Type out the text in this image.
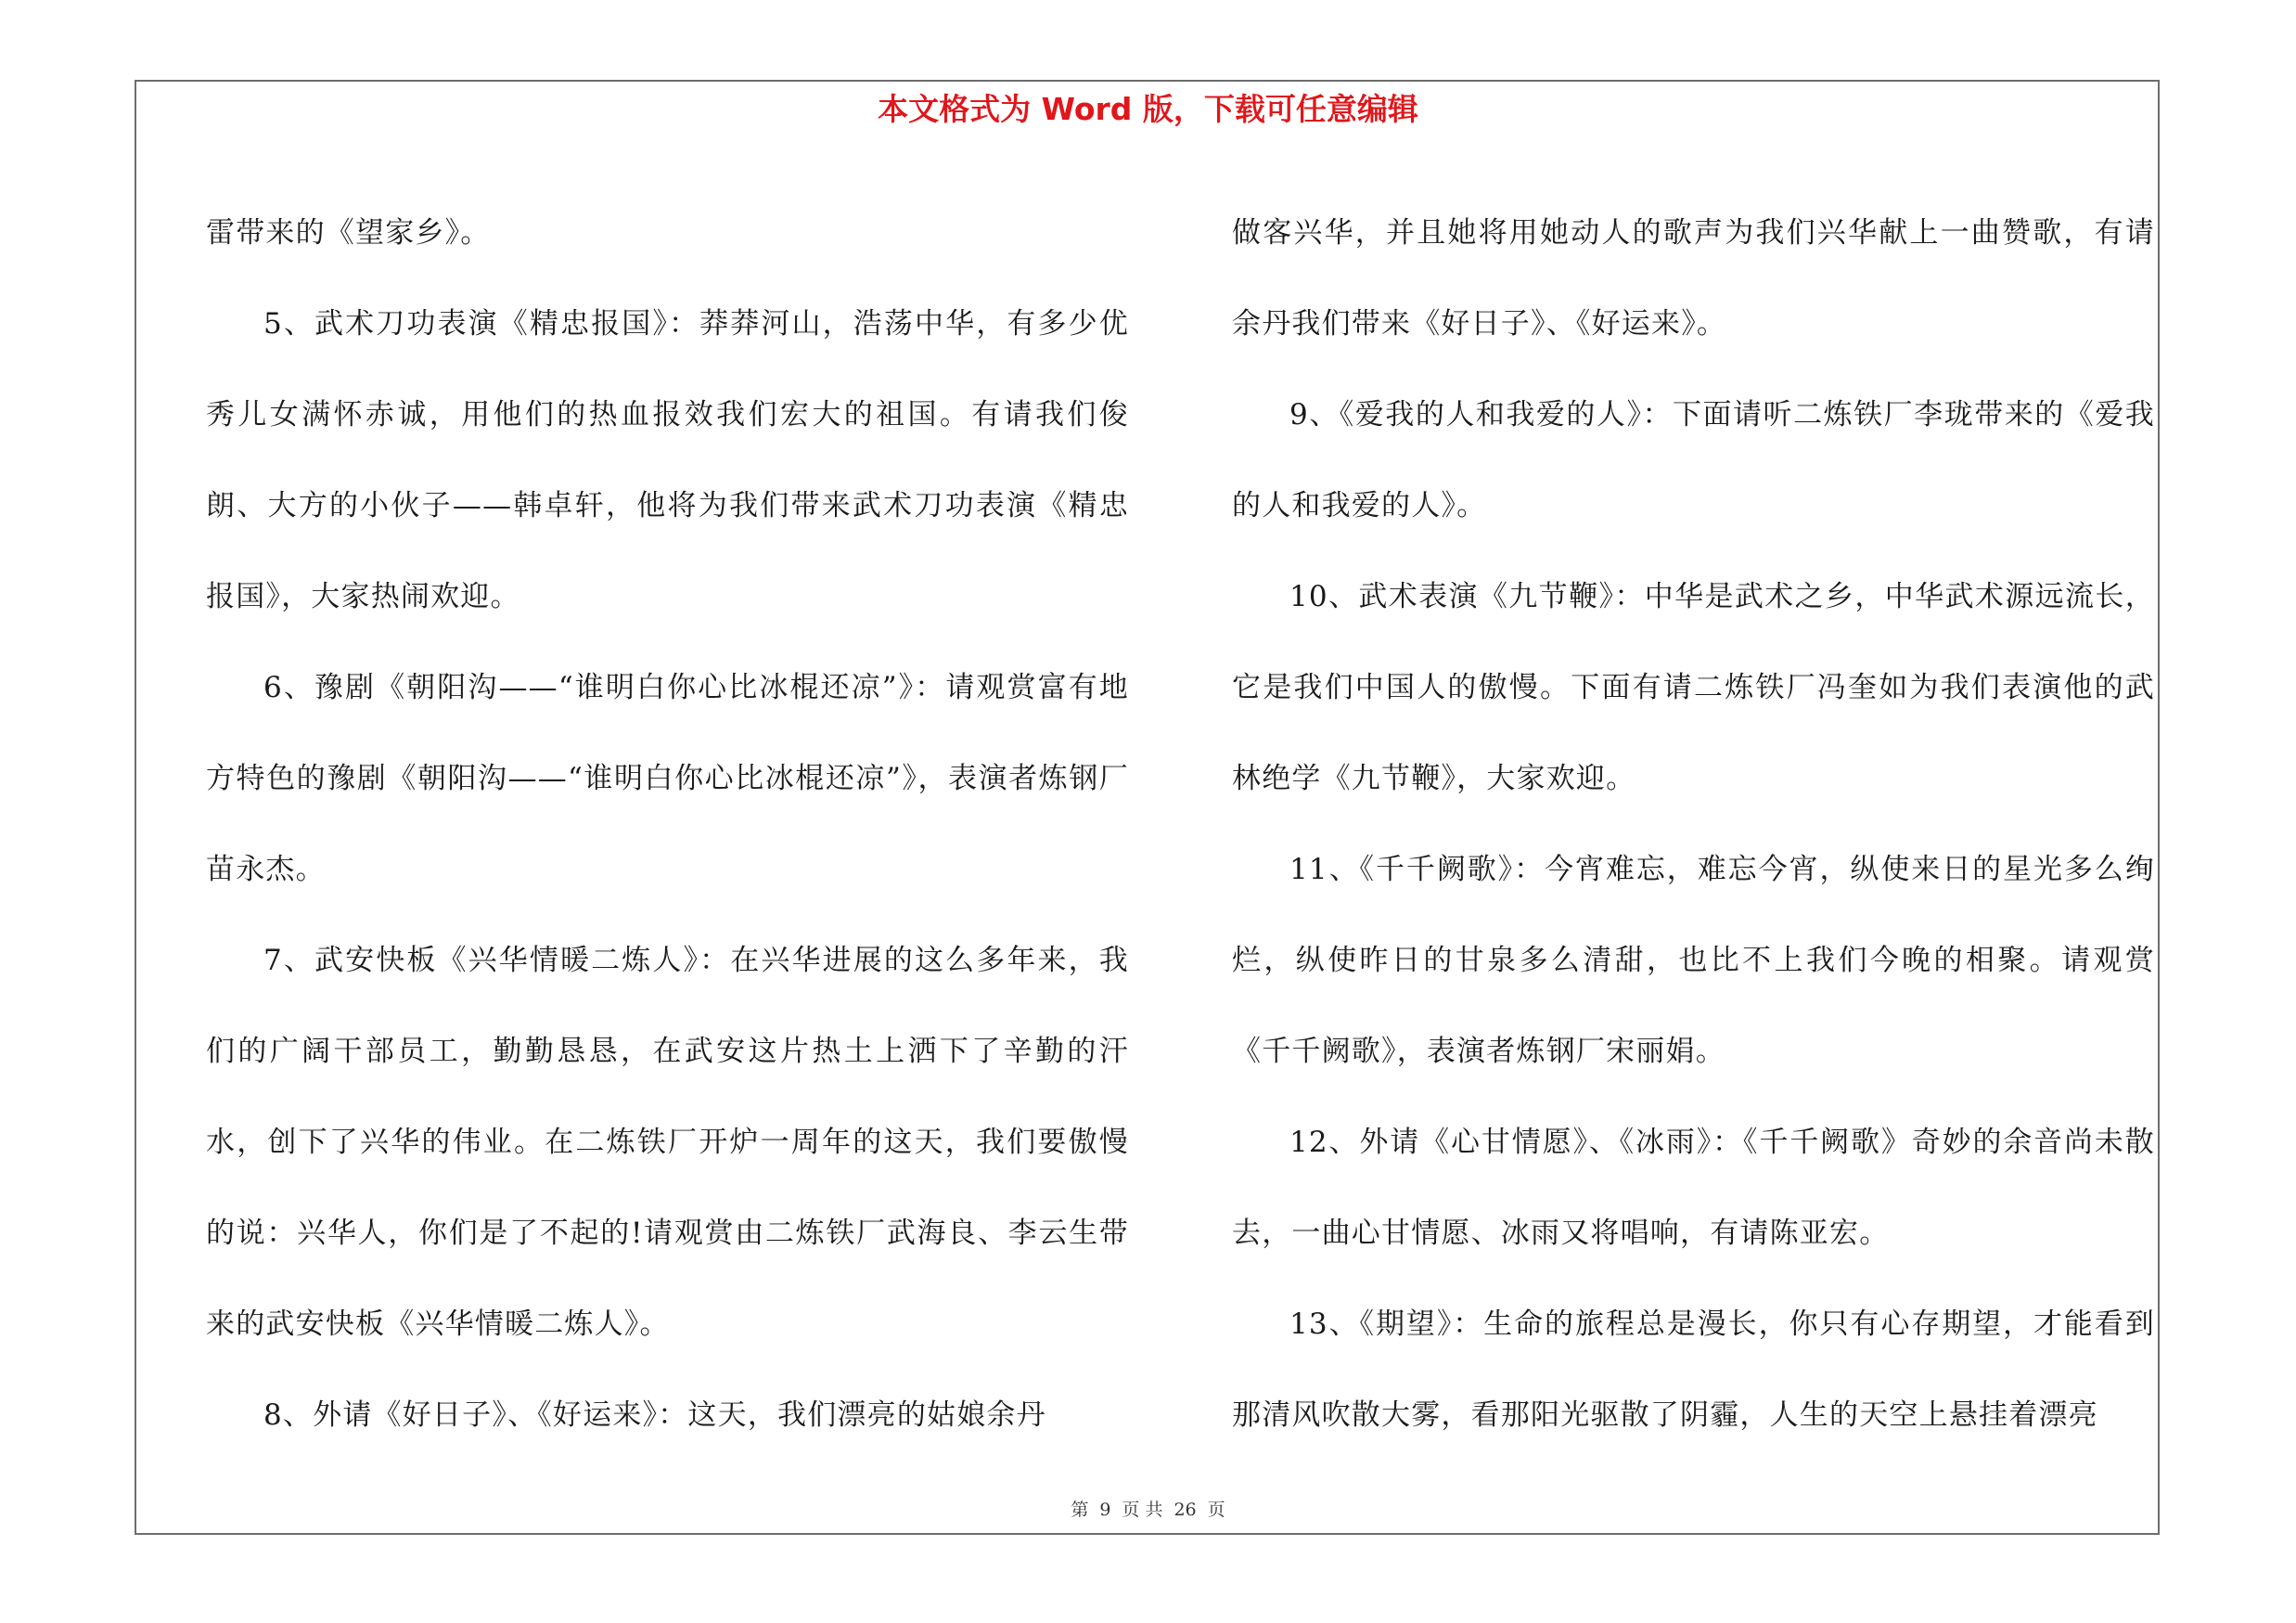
本文格式为 Word 版，下载可任意编辑

雷带来的《望家乡》。

5、武术刀功表演《精忠报国》：莽莽河山，浩荡中华，有多少优秀儿女满怀赤诚，用他们的热血报效我们宏大的祖国。有请我们俊朗、大方的小伙子——韩卓轩，他将为我们带来武术刀功表演《精忠报国》，大家热闹欢迎。

6、豫剧《朝阳沟——“谁明白你心比冰棍还凉”》：请观赏富有地方特色的豫剧《朝阳沟——“谁明白你心比冰棍还凉”》，表演者炼钢厂苗永杰。

7、武安快板《兴华情暖二炼人》：在兴华进展的这么多年来，我们的广阔干部员工，勤勤恳恳，在武安这片热土上洒下了辛勤的汗水，创下了兴华的伟业。在二炼铁厂开炉一周年的这天，我们要傲慢的说：兴华人，你们是了不起的!请观赏由二炼铁厂武海良、李云生带来的武安快板《兴华情暖二炼人》。

8、外请《好日子》、《好运来》：这天，我们漂亮的姑娘余丹

做客兴华，并且她将用她动人的歌声为我们兴华献上一曲赞歌，有请余丹我们带来《好日子》、《好运来》。

9、《爱我的人和我爱的人》：下面请听二炼铁厂李珑带来的《爱我的人和我爱的人》。

10、武术表演《九节鞭》：中华是武术之乡，中华武术源远流长，它是我们中国人的傲慢。下面有请二炼铁厂冯奎如为我们表演他的武林绝学《九节鞭》，大家欢迎。

11、《千千阙歌》：今宵难忘，难忘今宵，纵使来日的星光多么绚烂，纵使昨日的甘泉多么清甜，也比不上我们今晚的相聚。请观赏《千千阙歌》，表演者炼钢厂宋丽娟。

12、外请《心甘情愿》、《冰雨》：《千千阙歌》奇妙的余音尚未散去，一曲心甘情愿、冰雨又将唱响，有请陈亚宏。

13、《期望》：生命的旅程总是漫长，你只有心存期望，才能看到那清风吹散大雾，看那阳光驱散了阴霾，人生的天空上悬挂着漂亮

第 9 页 共 26 页
